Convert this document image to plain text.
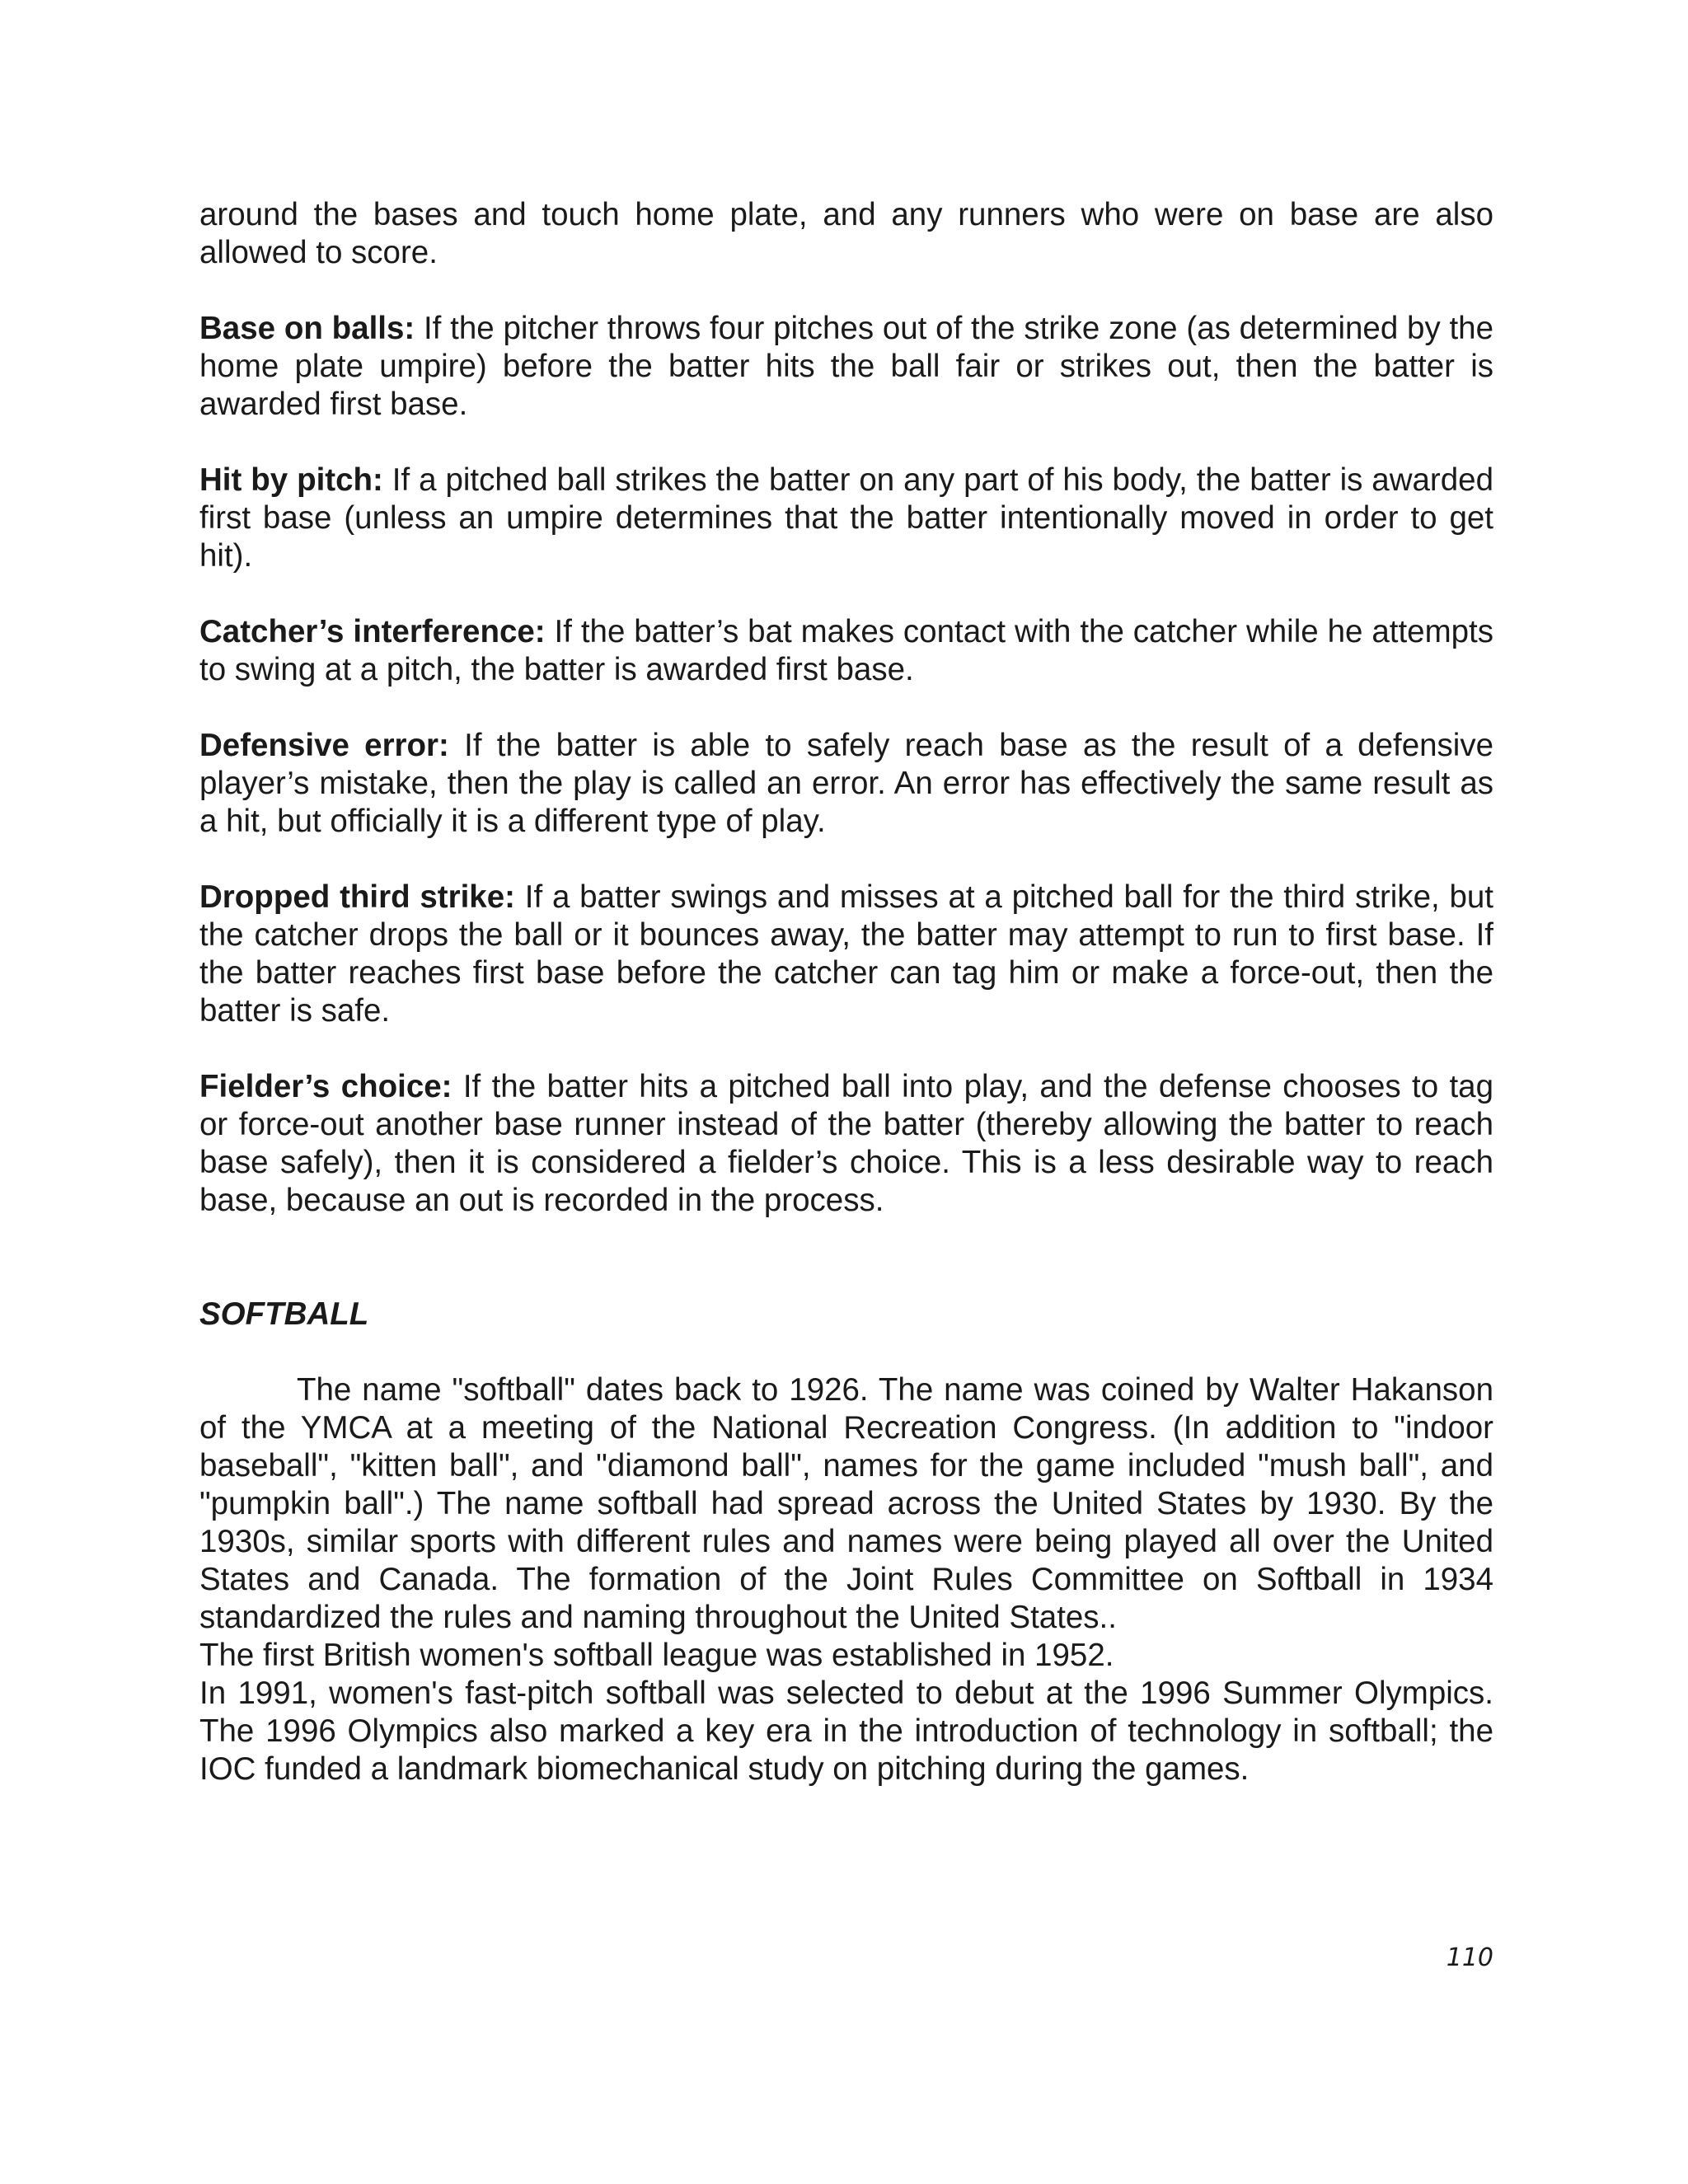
around the bases and touch home plate, and any runners who were on base are also allowed to score.

Base on balls: If the pitcher throws four pitches out of the strike zone (as determined by the home plate umpire) before the batter hits the ball fair or strikes out, then the batter is awarded first base.

Hit by pitch: If a pitched ball strikes the batter on any part of his body, the batter is awarded first base (unless an umpire determines that the batter intentionally moved in order to get hit).

Catcher’s interference: If the batter’s bat makes contact with the catcher while he attempts to swing at a pitch, the batter is awarded first base.

Defensive error: If the batter is able to safely reach base as the result of a defensive player’s mistake, then the play is called an error. An error has effectively the same result as a hit, but officially it is a different type of play.

Dropped third strike: If a batter swings and misses at a pitched ball for the third strike, but the catcher drops the ball or it bounces away, the batter may attempt to run to first base. If the batter reaches first base before the catcher can tag him or make a force-out, then the batter is safe.

Fielder’s choice: If the batter hits a pitched ball into play, and the defense chooses to tag or force-out another base runner instead of the batter (thereby allowing the batter to reach base safely), then it is considered a fielder’s choice. This is a less desirable way to reach base, because an out is recorded in the process.

SOFTBALL

The name "softball" dates back to 1926. The name was coined by Walter Hakanson of the YMCA at a meeting of the National Recreation Congress. (In addition to "indoor baseball", "kitten ball", and "diamond ball", names for the game included "mush ball", and "pumpkin ball".) The name softball had spread across the United States by 1930. By the 1930s, similar sports with different rules and names were being played all over the United States and Canada. The formation of the Joint Rules Committee on Softball in 1934 standardized the rules and naming throughout the United States..

The first British women's softball league was established in 1952.

In 1991, women's fast-pitch softball was selected to debut at the 1996 Summer Olympics. The 1996 Olympics also marked a key era in the introduction of technology in softball; the IOC funded a landmark biomechanical study on pitching during the games.

110
